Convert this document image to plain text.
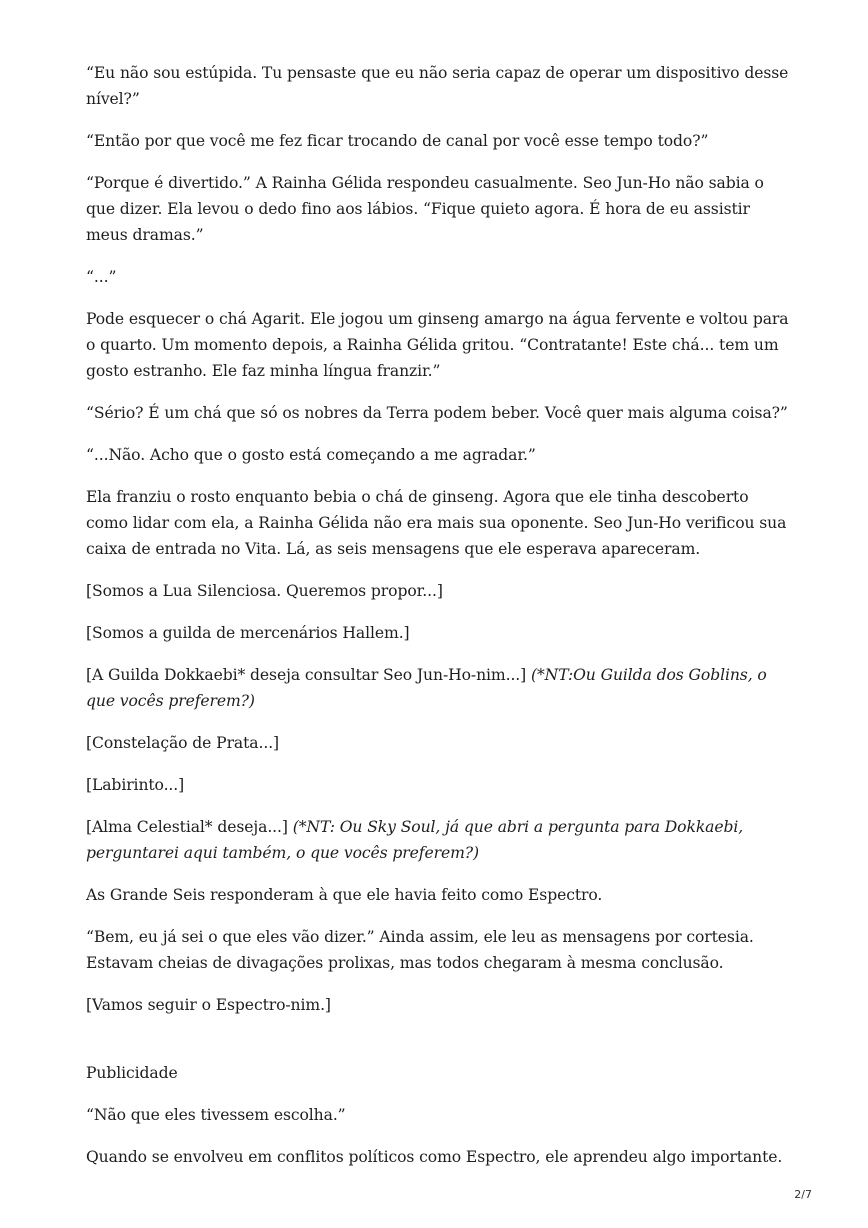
“Eu não sou estúpida. Tu pensaste que eu não seria capaz de operar um dispositivo desse nível?”

“Então por que você me fez ficar trocando de canal por você esse tempo todo?”

“Porque é divertido.” A Rainha Gélida respondeu casualmente. Seo Jun-Ho não sabia o que dizer. Ela levou o dedo fino aos lábios. “Fique quieto agora. É hora de eu assistir meus dramas.”

“...”

Pode esquecer o chá Agarit. Ele jogou um ginseng amargo na água fervente e voltou para o quarto. Um momento depois, a Rainha Gélida gritou. “Contratante! Este chá... tem um gosto estranho. Ele faz minha língua franzir.”

“Sério? É um chá que só os nobres da Terra podem beber. Você quer mais alguma coisa?”

“...Não. Acho que o gosto está começando a me agradar.”

Ela franziu o rosto enquanto bebia o chá de ginseng. Agora que ele tinha descoberto como lidar com ela, a Rainha Gélida não era mais sua oponente. Seo Jun-Ho verificou sua caixa de entrada no Vita. Lá, as seis mensagens que ele esperava apareceram.

[Somos a Lua Silenciosa. Queremos propor...]

[Somos a guilda de mercenários Hallem.]

[A Guilda Dokkaebi* deseja consultar Seo Jun-Ho-nim...] (*NT:Ou Guilda dos Goblins, o que vocês preferem?)

[Constelação de Prata...]

[Labirinto...]

[Alma Celestial* deseja...] (*NT: Ou Sky Soul, já que abri a pergunta para Dokkaebi, perguntarei aqui também, o que vocês preferem?)

As Grande Seis responderam à que ele havia feito como Espectro.

“Bem, eu já sei o que eles vão dizer.” Ainda assim, ele leu as mensagens por cortesia. Estavam cheias de divagações prolixas, mas todos chegaram à mesma conclusão.

[Vamos seguir o Espectro-nim.]

Publicidade

“Não que eles tivessem escolha.”

Quando se envolveu em conflitos políticos como Espectro, ele aprendeu algo importante.

2/7
